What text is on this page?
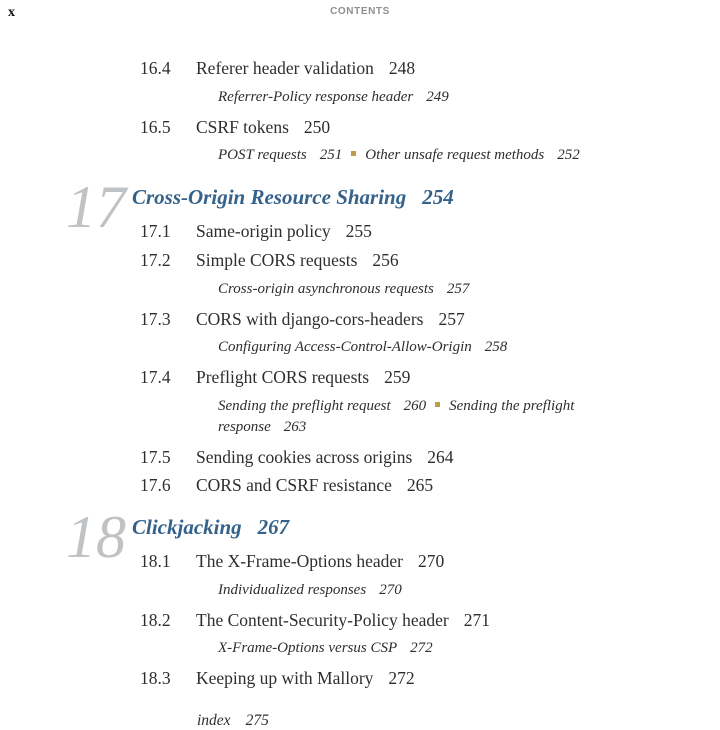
x	CONTENTS
16.4 Referer header validation 248
Referrer-Policy response header 249
16.5 CSRF tokens 250
POST requests 251 Other unsafe request methods 252
17 Cross-Origin Resource Sharing 254
17.1 Same-origin policy 255
17.2 Simple CORS requests 256
Cross-origin asynchronous requests 257
17.3 CORS with django-cors-headers 257
Configuring Access-Control-Allow-Origin 258
17.4 Preflight CORS requests 259
Sending the preflight request 260 Sending the preflight response 263
17.5 Sending cookies across origins 264
17.6 CORS and CSRF resistance 265
18 Clickjacking 267
18.1 The X-Frame-Options header 270
Individualized responses 270
18.2 The Content-Security-Policy header 271
X-Frame-Options versus CSP 272
18.3 Keeping up with Mallory 272
index 275
